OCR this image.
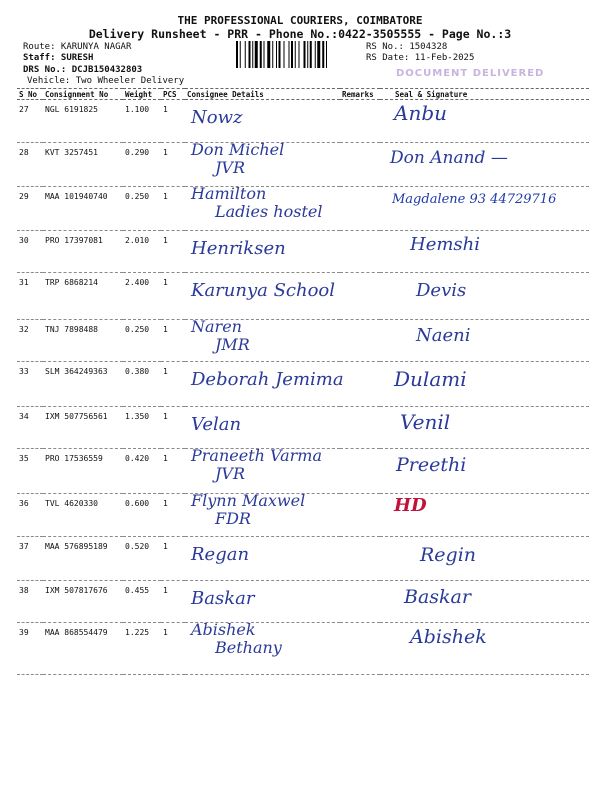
THE PROFESSIONAL COURIERS, COIMBATORE
Delivery Runsheet - PRR - Phone No.:0422-3505555 - Page No.:3
Route: KARUNYA NAGAR
Staff: SURESH
DRS No.: DCJB150432803
Vehicle: Two Wheeler Delivery
RS No.: 1504328
RS Date: 11-Feb-2025
DOCUMENT DELIVERED
S No	Consignment No	Weight	PCS	Consignee Details	Remarks	Seal & Signature
27	NGL 6191825	1.100	1	Nowz		Anbu

28	KVT 3257451	0.290	1	Don Michel
JVR		Don Anand —

29	MAA 101940740	0.250	1	Hamilton
Ladies hostel		Magdalene 93 44729716

30	PRO 17397081	2.010	1	Henriksen		Hemshi

31	TRP 6868214	2.400	1	Karunya School		Devis

32	TNJ 7898488	0.250	1	Naren
JMR		Naeni

33	SLM 364249363	0.380	1	Deborah Jemima		Dulami

34	IXM 507756561	1.350	1	Velan		Venil

35	PRO 17536559	0.420	1	Praneeth Varma
JVR		Preethi

36	TVL 4620330	0.600	1	Flynn Maxwel
FDR		HD

37	MAA 576895189	0.520	1	Regan		Regin

38	IXM 507817676	0.455	1	Baskar		Baskar

39	MAA 868554479	1.225	1	Abishek
Bethany		Abishek
